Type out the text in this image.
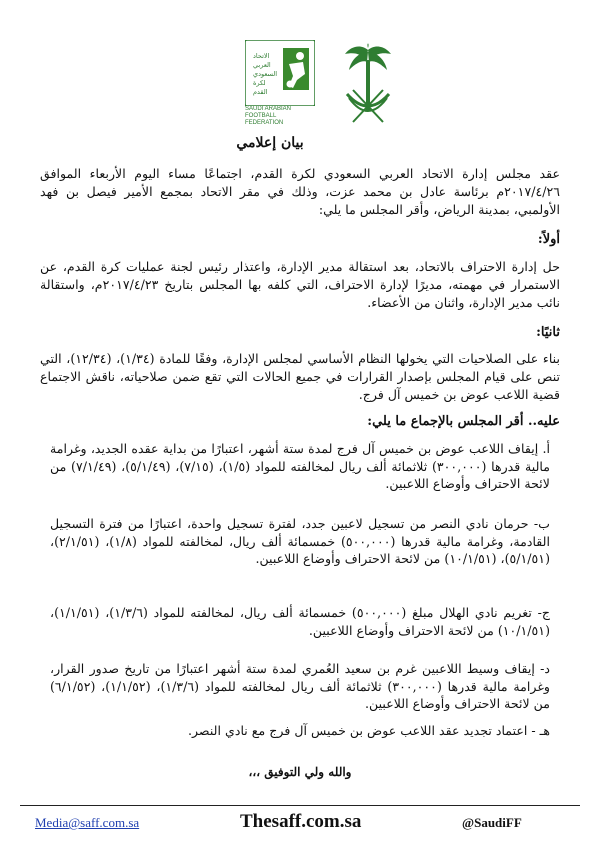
الاتحاد
العربي
السعودي
لكرة
القدم
SAUDI ARABIAN FOOTBALL FEDERATION
بيان إعلامي
عقد مجلس إدارة الاتحاد العربي السعودي لكرة القدم، اجتماعًا مساء اليوم الأربعاء الموافق ٢٠١٧/٤/٢٦م برئاسة عادل بن محمد عزت، وذلك في مقر الاتحاد بمجمع الأمير فيصل بن فهد الأولمبي، بمدينة الرياض، وأقر المجلس ما يلي:
أولاً:
حل إدارة الاحتراف بالاتحاد، بعد استقالة مدير الإدارة، واعتذار رئيس لجنة عمليات كرة القدم، عن الاستمرار في مهمته، مديرًا لإدارة الاحتراف، التي كلفه بها المجلس بتاريخ ٢٠١٧/٤/٢٣م، واستقالة نائب مدير الإدارة، واثنان من الأعضاء.
ثانيًا:
بناء على الصلاحيات التي يخولها النظام الأساسي لمجلس الإدارة، وفقًا للمادة (١/٣٤)، (١٢/٣٤)، التي تنص على قيام المجلس بإصدار القرارات في جميع الحالات التي تقع ضمن صلاحياته، ناقش الاجتماع قضية اللاعب عوض بن خميس آل فرج.
عليه.. أقر المجلس بالإجماع ما يلي:
أ. إيقاف اللاعب عوض بن خميس آل فرج لمدة ستة أشهر، اعتبارًا من بداية عقده الجديد، وغرامة مالية قدرها (٣٠٠,٠٠٠) ثلاثمائة ألف ريال لمخالفته للمواد (١/٥)، (٧/١٥)، (٥/١/٤٩)، (٧/١/٤٩) من لائحة الاحتراف وأوضاع اللاعبين.
ب- حرمان نادي النصر من تسجيل لاعبين جدد، لفترة تسجيل واحدة، اعتبارًا من فترة التسجيل القادمة، وغرامة مالية قدرها (٥٠٠,٠٠٠) خمسمائة ألف ريال، لمخالفته للمواد (١/٨)، (٢/١/٥١)، (٥/١/٥١)، (١٠/١/٥١) من لائحة الاحتراف وأوضاع اللاعبين.
ج- تغريم نادي الهلال مبلغ (٥٠٠,٠٠٠) خمسمائة ألف ريال، لمخالفته للمواد (١/٣/٦)، (١/١/٥١)، (١٠/١/٥١) من لائحة الاحتراف وأوضاع اللاعبين.
د- إيقاف وسيط اللاعبين غرم بن سعيد العُمري لمدة ستة أشهر اعتبارًا من تاريخ صدور القرار، وغرامة مالية قدرها (٣٠٠,٠٠٠) ثلاثمائة ألف ريال لمخالفته للمواد (١/٣/٦)، (١/١/٥٢)، (٦/١/٥٢) من لائحة الاحتراف وأوضاع اللاعبين.
هـ - اعتماد تجديد عقد اللاعب عوض بن خميس آل فرج مع نادي النصر.
والله ولي التوفيق ،،،
Media@saff.com.sa	Thesaff.com.sa	@SaudiFF
